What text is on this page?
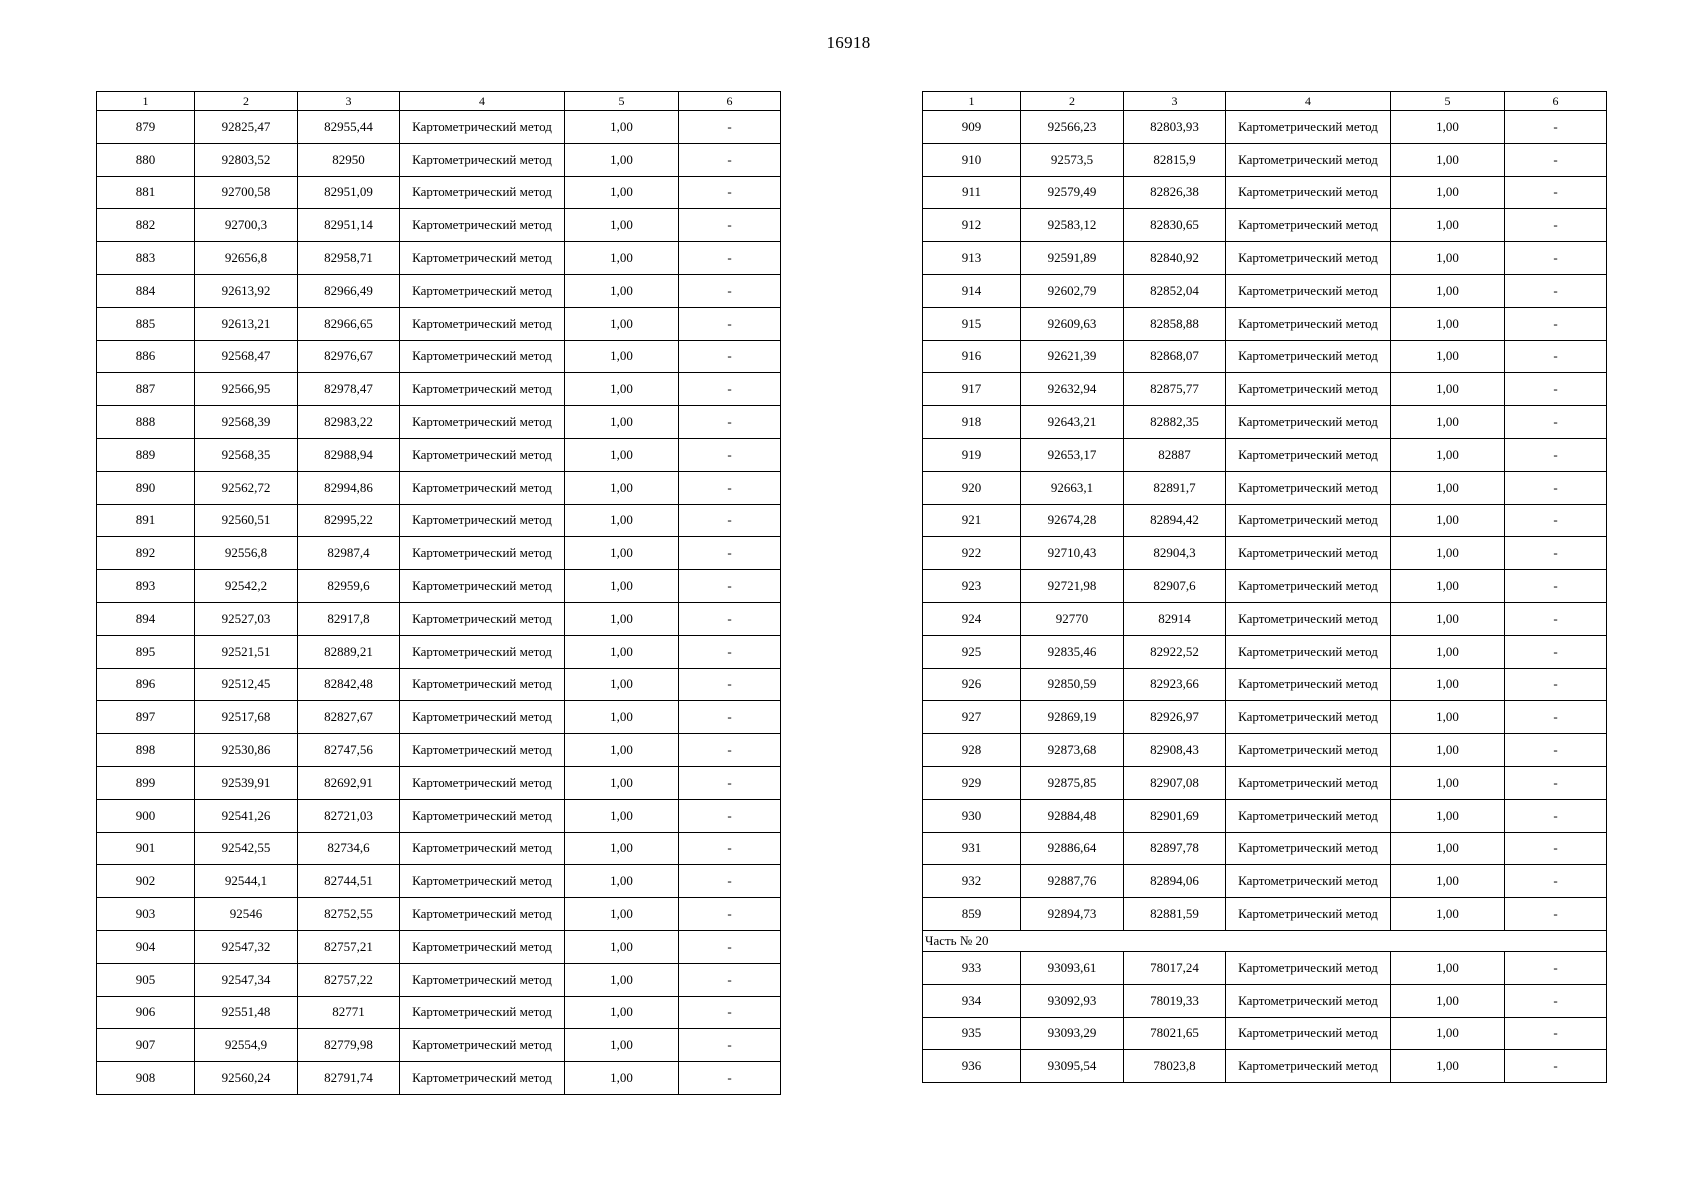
16918
1	2	3	4	5	6
879	92825,47	82955,44	Картометрический метод	1,00	-
880	92803,52	82950	Картометрический метод	1,00	-
881	92700,58	82951,09	Картометрический метод	1,00	-
882	92700,3	82951,14	Картометрический метод	1,00	-
883	92656,8	82958,71	Картометрический метод	1,00	-
884	92613,92	82966,49	Картометрический метод	1,00	-
885	92613,21	82966,65	Картометрический метод	1,00	-
886	92568,47	82976,67	Картометрический метод	1,00	-
887	92566,95	82978,47	Картометрический метод	1,00	-
888	92568,39	82983,22	Картометрический метод	1,00	-
889	92568,35	82988,94	Картометрический метод	1,00	-
890	92562,72	82994,86	Картометрический метод	1,00	-
891	92560,51	82995,22	Картометрический метод	1,00	-
892	92556,8	82987,4	Картометрический метод	1,00	-
893	92542,2	82959,6	Картометрический метод	1,00	-
894	92527,03	82917,8	Картометрический метод	1,00	-
895	92521,51	82889,21	Картометрический метод	1,00	-
896	92512,45	82842,48	Картометрический метод	1,00	-
897	92517,68	82827,67	Картометрический метод	1,00	-
898	92530,86	82747,56	Картометрический метод	1,00	-
899	92539,91	82692,91	Картометрический метод	1,00	-
900	92541,26	82721,03	Картометрический метод	1,00	-
901	92542,55	82734,6	Картометрический метод	1,00	-
902	92544,1	82744,51	Картометрический метод	1,00	-
903	92546	82752,55	Картометрический метод	1,00	-
904	92547,32	82757,21	Картометрический метод	1,00	-
905	92547,34	82757,22	Картометрический метод	1,00	-
906	92551,48	82771	Картометрический метод	1,00	-
907	92554,9	82779,98	Картометрический метод	1,00	-
908	92560,24	82791,74	Картометрический метод	1,00	-
1	2	3	4	5	6
909	92566,23	82803,93	Картометрический метод	1,00	-
910	92573,5	82815,9	Картометрический метод	1,00	-
911	92579,49	82826,38	Картометрический метод	1,00	-
912	92583,12	82830,65	Картометрический метод	1,00	-
913	92591,89	82840,92	Картометрический метод	1,00	-
914	92602,79	82852,04	Картометрический метод	1,00	-
915	92609,63	82858,88	Картометрический метод	1,00	-
916	92621,39	82868,07	Картометрический метод	1,00	-
917	92632,94	82875,77	Картометрический метод	1,00	-
918	92643,21	82882,35	Картометрический метод	1,00	-
919	92653,17	82887	Картометрический метод	1,00	-
920	92663,1	82891,7	Картометрический метод	1,00	-
921	92674,28	82894,42	Картометрический метод	1,00	-
922	92710,43	82904,3	Картометрический метод	1,00	-
923	92721,98	82907,6	Картометрический метод	1,00	-
924	92770	82914	Картометрический метод	1,00	-
925	92835,46	82922,52	Картометрический метод	1,00	-
926	92850,59	82923,66	Картометрический метод	1,00	-
927	92869,19	82926,97	Картометрический метод	1,00	-
928	92873,68	82908,43	Картометрический метод	1,00	-
929	92875,85	82907,08	Картометрический метод	1,00	-
930	92884,48	82901,69	Картометрический метод	1,00	-
931	92886,64	82897,78	Картометрический метод	1,00	-
932	92887,76	82894,06	Картометрический метод	1,00	-
859	92894,73	82881,59	Картометрический метод	1,00	-
Часть № 20					
933	93093,61	78017,24	Картометрический метод	1,00	-
934	93092,93	78019,33	Картометрический метод	1,00	-
935	93093,29	78021,65	Картометрический метод	1,00	-
936	93095,54	78023,8	Картометрический метод	1,00	-
